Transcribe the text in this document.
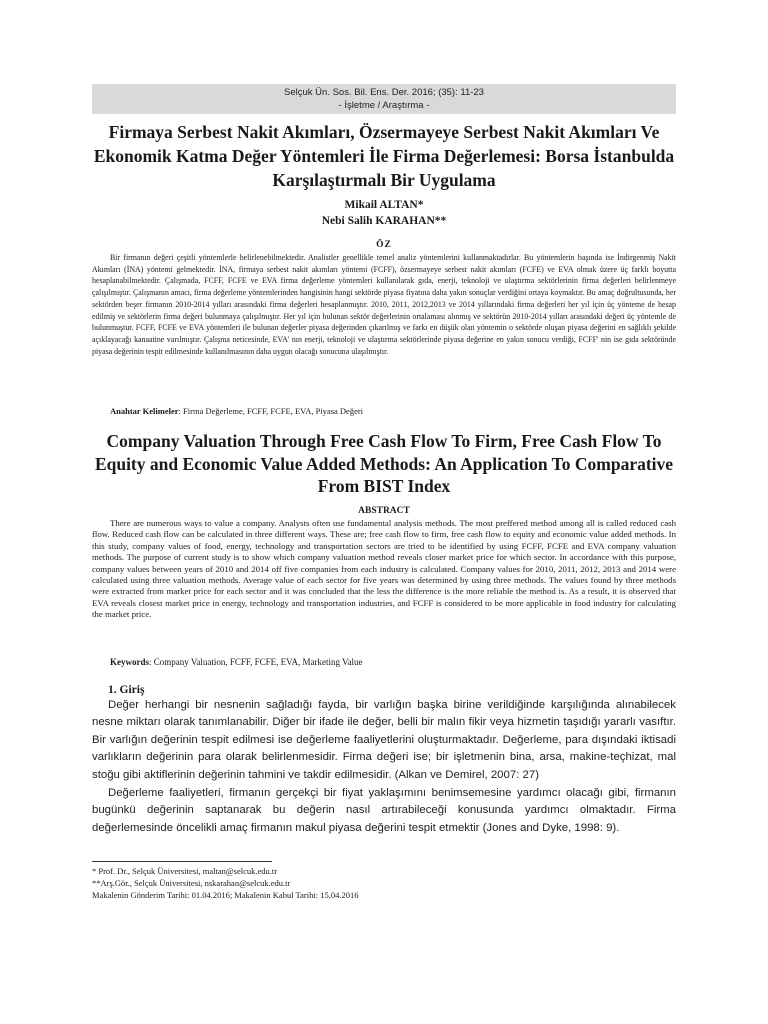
Selçuk Ün. Sos. Bil. Ens. Der. 2016; (35): 11-23
- İşletme / Araştırma -
Firmaya Serbest Nakit Akımları, Özsermayeye Serbest Nakit Akımları Ve Ekonomik Katma Değer Yöntemleri İle Firma Değerlemesi: Borsa İstanbulda Karşılaştırmalı Bir Uygulama
Mikail ALTAN*
Nebi Salih KARAHAN**
ÖZ

Bir firmanın değeri çeşitli yöntemlerle belirlenebilmektedir. Analistler genellikle temel analiz yöntemlerini kullanmaktadırlar. Bu yöntemlerin başında ise İndirgenmiş Nakit Akımları (İNA) yöntemi gelmektedir. İNA, firmaya serbest nakit akımları yöntemi (FCFF), özsermayeye serbest nakit akımları (FCFE) ve EVA olmak üzere üç farklı boyutta hesaplanabilmektedir. Çalışmada, FCFF, FCFE ve EVA firma değerleme yöntemleri kullanılarak gıda, enerji, teknoloji ve ulaştırma sektörlerinin firma değerleri belirlenmeye çalışılmıştır. Çalışmanın amacı, firma değerleme yöntemlerinden hangisinin hangi sektörde piyasa fiyatına daha yakın sonuçlar verdiğini ortaya koymaktır. Bu amaç doğrultusunda, her sektörden beşer firmanın 2010-2014 yılları arasındaki firma değerleri hesaplanmıştır. 2010, 2011, 2012,2013 ve 2014 yıllarındaki firma değerleri her yıl için üç yönteme de hesap edilmiş ve sektörlerin firma değeri bulunmaya çalışılmıştır. Her yıl için bulunan sektör değerlerinin ortalaması alınmış ve sektörün 2010-2014 yılları arasındaki değeri üç yöntemle de bulunmuştur. FCFF, FCFE ve EVA yöntemleri ile bulunan değerler piyasa değerinden çıkarılmış ve farkı en düşük olan yöntemin o sektörde oluşan piyasa değerini en sağlıklı şekilde açıklayacağı kanaatine varılmıştır. Çalışma neticesinde, EVA' nın enerji, teknoloji ve ulaştırma sektörlerinde piyasa değerine en yakın sonucu verdiği, FCFF' nin ise gıda sektöründe piyasa değerinin tespit edilmesinde kullanılmasının daha uygun olacağı sonucuna ulaşılmıştır.

Anahtar Kelimeler: Firma Değerleme, FCFF, FCFE, EVA, Piyasa Değeri
Company Valuation Through Free Cash Flow To Firm, Free Cash Flow To Equity and Economic Value Added Methods: An Application To Comparative From BIST Index
ABSTRACT

There are numerous ways to value a company. Analysts often use fundamental analysis methods. The most preffered method among all is called reduced cash flow. Reduced cash flow can be calculated in three different ways. These are; free cash flow to firm, free cash flow to equity and economic value added methods. In this study, company values of food, energy, technology and transportation sectors are tried to be identified by using FCFF, FCFE and EVA company valuation methods. The purpose of current study is to show which company valuation method reveals closer market price for which sector. In accordance with this purpose, company values between years of 2010 and 2014 off five companies from each industry is calculated. Company values for 2010, 2011, 2012, 2013 and 2014 were calculated using three valuation methods. Average value of each sector for five years was determined by using three methods. The values found by three methods were extracted from market price for each sector and it was concluded that the less the difference is the more reliable the method is. As a result, it is observed that EVA reveals closest market price in energy, technology and transportation industries, and FCFF is considered to be more applicable in food industry for calculating the market price.

Keywords: Company Valuation, FCFF, FCFE, EVA, Marketing Value
1. Giriş

Değer herhangi bir nesnenin sağladığı fayda, bir varlığın başka birine verildiğinde karşılığında alınabilecek nesne miktarı olarak tanımlanabilir. Diğer bir ifade ile değer, belli bir malın fikir veya hizmetin taşıdığı yararlı vasıftır. Bir varlığın değerinin tespit edilmesi ise değerleme faaliyetlerini oluşturmaktadır. Değerleme, para dışındaki iktisadi varlıkların değerinin para olarak belirlenmesidir. Firma değeri ise; bir işletmenin bina, arsa, makine-teçhizat, mal stoğu gibi aktiflerinin değerinin tahmini ve takdir edilmesidir. (Alkan ve Demirel, 2007: 27)

Değerleme faaliyetleri, firmanın gerçekçi bir fiyat yaklaşımını benimsemesine yardımcı olacağı gibi, firmanın bugünkü değerinin saptanarak bu değerin nasıl artırabileceği konusunda yardımcı olmaktadır. Firma değerlemesinde öncelikli amaç firmanın makul piyasa değerini tespit etmektir (Jones and Dyke, 1998: 9).

* Prof. Dr., Selçuk Üniversitesi, maltan@selcuk.edu.tr
**Arş.Gör., Selçuk Üniversitesi, nskarahan@selcuk.edu.tr
Makalenin Gönderim Tarihi: 01.04.2016; Makalenin Kabul Tarihi: 15.04.2016
